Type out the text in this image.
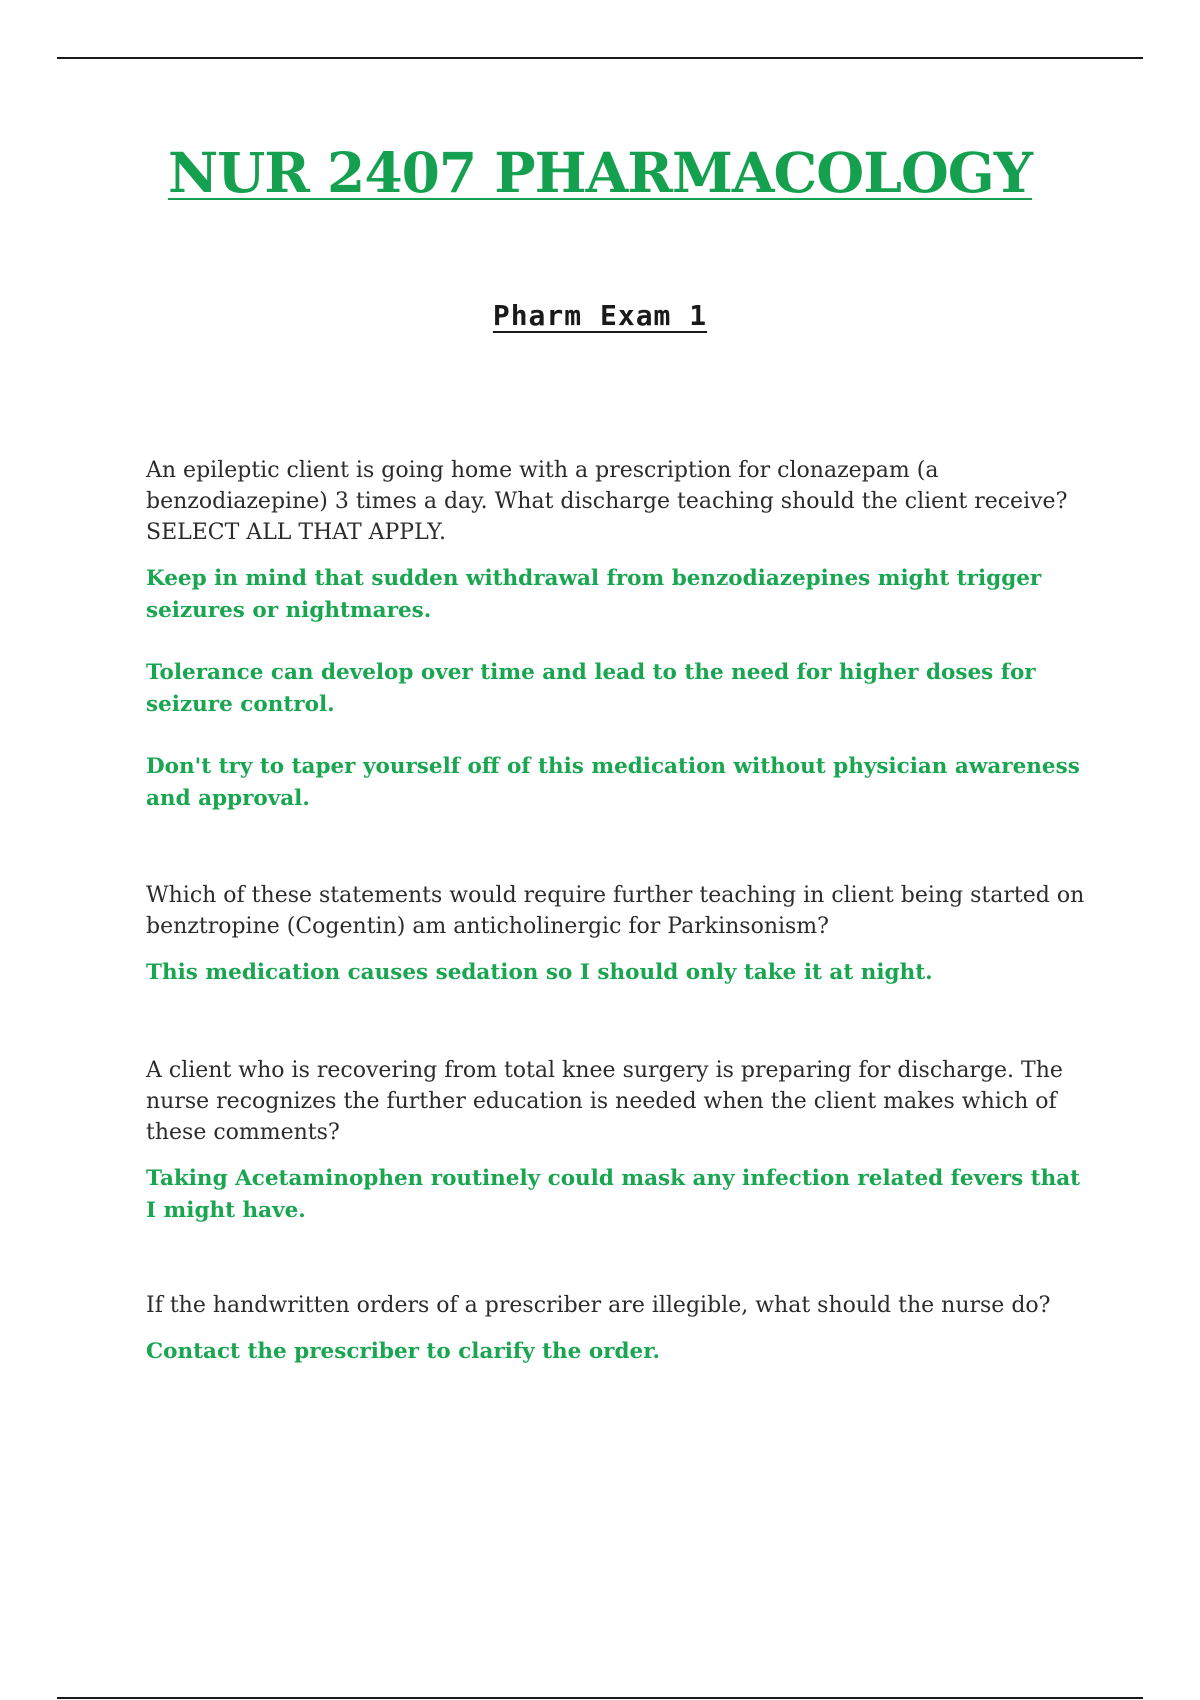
NUR 2407 PHARMACOLOGY
Pharm Exam 1

An epileptic client is going home with a prescription for clonazepam (a benzodiazepine) 3 times a day. What discharge teaching should the client receive? SELECT ALL THAT APPLY.

Keep in mind that sudden withdrawal from benzodiazepines might trigger seizures or nightmares.

Tolerance can develop over time and lead to the need for higher doses for seizure control.

Don't try to taper yourself off of this medication without physician awareness and approval.

Which of these statements would require further teaching in client being started on benztropine (Cogentin) am anticholinergic for Parkinsonism?

This medication causes sedation so I should only take it at night.

A client who is recovering from total knee surgery is preparing for discharge. The nurse recognizes the further education is needed when the client makes which of these comments?

Taking Acetaminophen routinely could mask any infection related fevers that I might have.

If the handwritten orders of a prescriber are illegible, what should the nurse do?

Contact the prescriber to clarify the order.
